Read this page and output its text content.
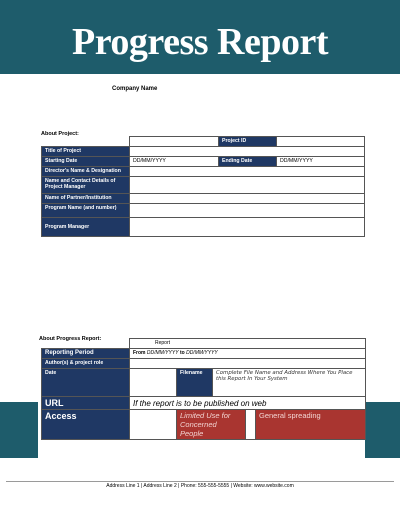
Progress Report
Company Name
About Project:
		Project ID	
Title of Project			
Starting Date	DD/MM/YYYY	Ending Date	DD/MM/YYYY
Director's Name & Designation			
Name and Contact Details of Project Manager			
Name of Partner/Institution			
Program Name (and number)			
Program Manager			
About Progress Report:
	Report				
Reporting Period	From DD/MM/YYYY to DD/MM/YYYY				
Author(s) & project role					
Date		Filename	Complete File Name and Address Where You Place this Report In Your System		
URL	If the report is to be published on web				
Access		Limited Use for Concerned People			General spreading
Address Line 1 | Address Line 2 | Phone: 555-555-5555 | Website: www.website.com
